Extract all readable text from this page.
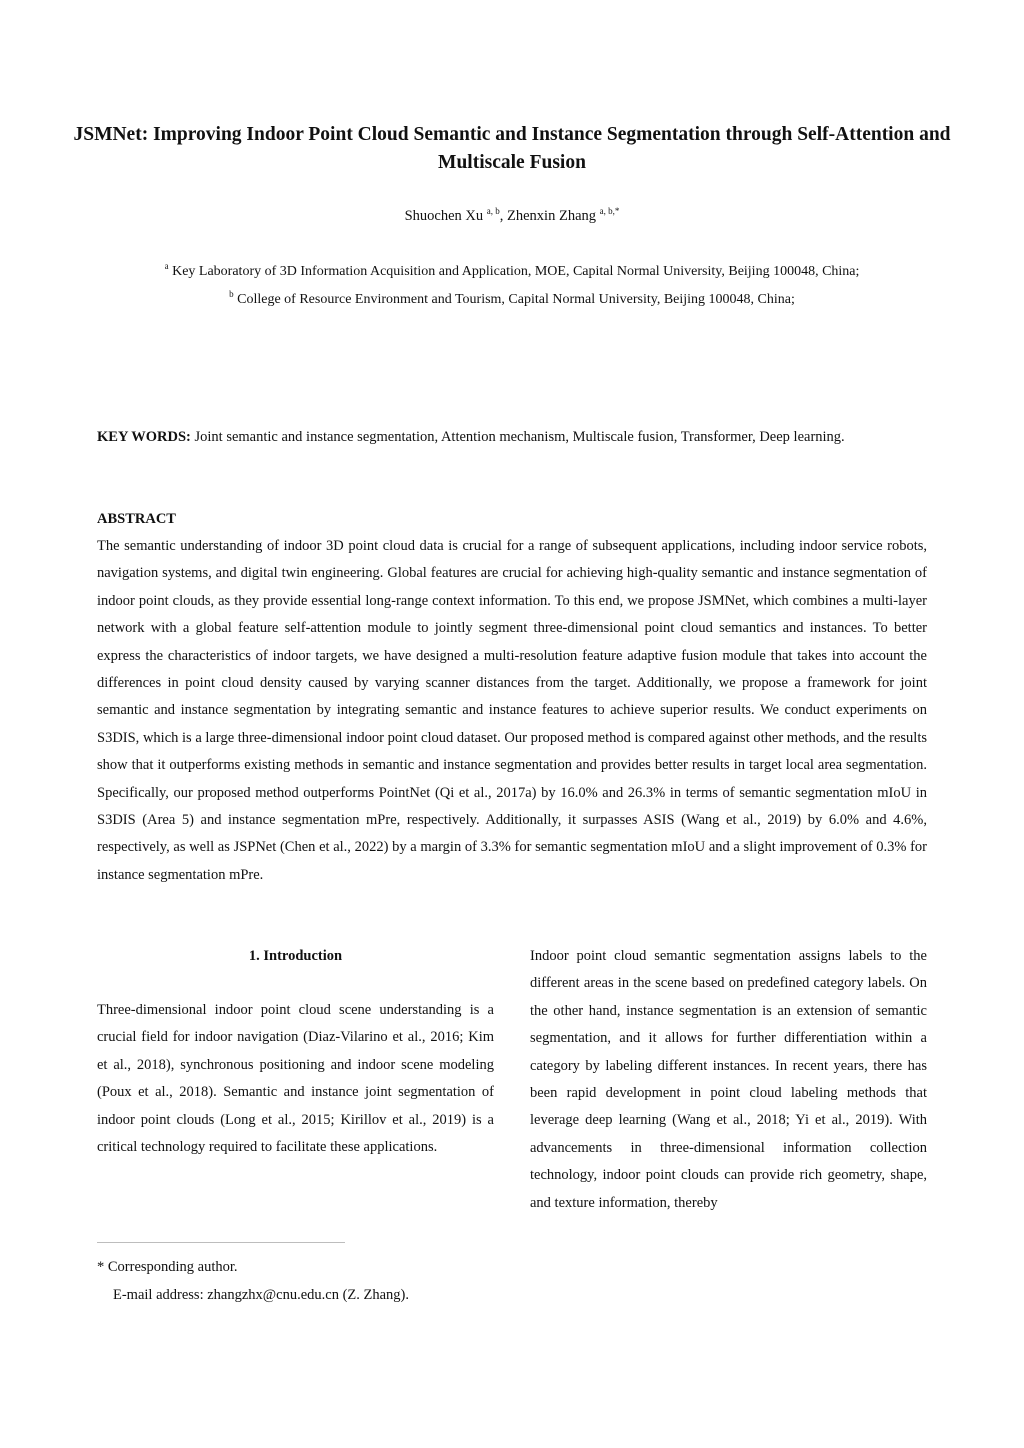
JSMNet: Improving Indoor Point Cloud Semantic and Instance Segmentation through Self-Attention and Multiscale Fusion
Shuochen Xu $^{a, b}$, Zhenxin Zhang $^{a, b,*}$
$^a$ Key Laboratory of 3D Information Acquisition and Application, MOE, Capital Normal University, Beijing 100048, China;
$^b$ College of Resource Environment and Tourism, Capital Normal University, Beijing 100048, China;
KEY WORDS: Joint semantic and instance segmentation, Attention mechanism, Multiscale fusion, Transformer, Deep learning.
ABSTRACT

The semantic understanding of indoor 3D point cloud data is crucial for a range of subsequent applications, including indoor service robots, navigation systems, and digital twin engineering. Global features are crucial for achieving high-quality semantic and instance segmentation of indoor point clouds, as they provide essential long-range context information. To this end, we propose JSMNet, which combines a multi-layer network with a global feature self-attention module to jointly segment three-dimensional point cloud semantics and instances. To better express the characteristics of indoor targets, we have designed a multi-resolution feature adaptive fusion module that takes into account the differences in point cloud density caused by varying scanner distances from the target. Additionally, we propose a framework for joint semantic and instance segmentation by integrating semantic and instance features to achieve superior results. We conduct experiments on S3DIS, which is a large three-dimensional indoor point cloud dataset. Our proposed method is compared against other methods, and the results show that it outperforms existing methods in semantic and instance segmentation and provides better results in target local area segmentation. Specifically, our proposed method outperforms PointNet (Qi et al., 2017a) by 16.0% and 26.3% in terms of semantic segmentation mIoU in S3DIS (Area 5) and instance segmentation mPre, respectively. Additionally, it surpasses ASIS (Wang et al., 2019) by 6.0% and 4.6%, respectively, as well as JSPNet (Chen et al., 2022) by a margin of 3.3% for semantic segmentation mIoU and a slight improvement of 0.3% for instance segmentation mPre.

1. Introduction

Three-dimensional indoor point cloud scene understanding is a crucial field for indoor navigation (Diaz-Vilarino et al., 2016; Kim et al., 2018), synchronous positioning and indoor scene modeling (Poux et al., 2018). Semantic and instance joint segmentation of indoor point clouds (Long et al., 2015; Kirillov et al., 2019) is a critical technology required to facilitate these applications.

Indoor point cloud semantic segmentation assigns labels to the different areas in the scene based on predefined category labels. On the other hand, instance segmentation is an extension of semantic segmentation, and it allows for further differentiation within a category by labeling different instances. In recent years, there has been rapid development in point cloud labeling methods that leverage deep learning (Wang et al., 2018; Yi et al., 2019). With advancements in three-dimensional information collection technology, indoor point clouds can provide rich geometry, shape, and texture information, thereby

* Corresponding author.
E-mail address: zhangzhx@cnu.edu.cn (Z. Zhang).
